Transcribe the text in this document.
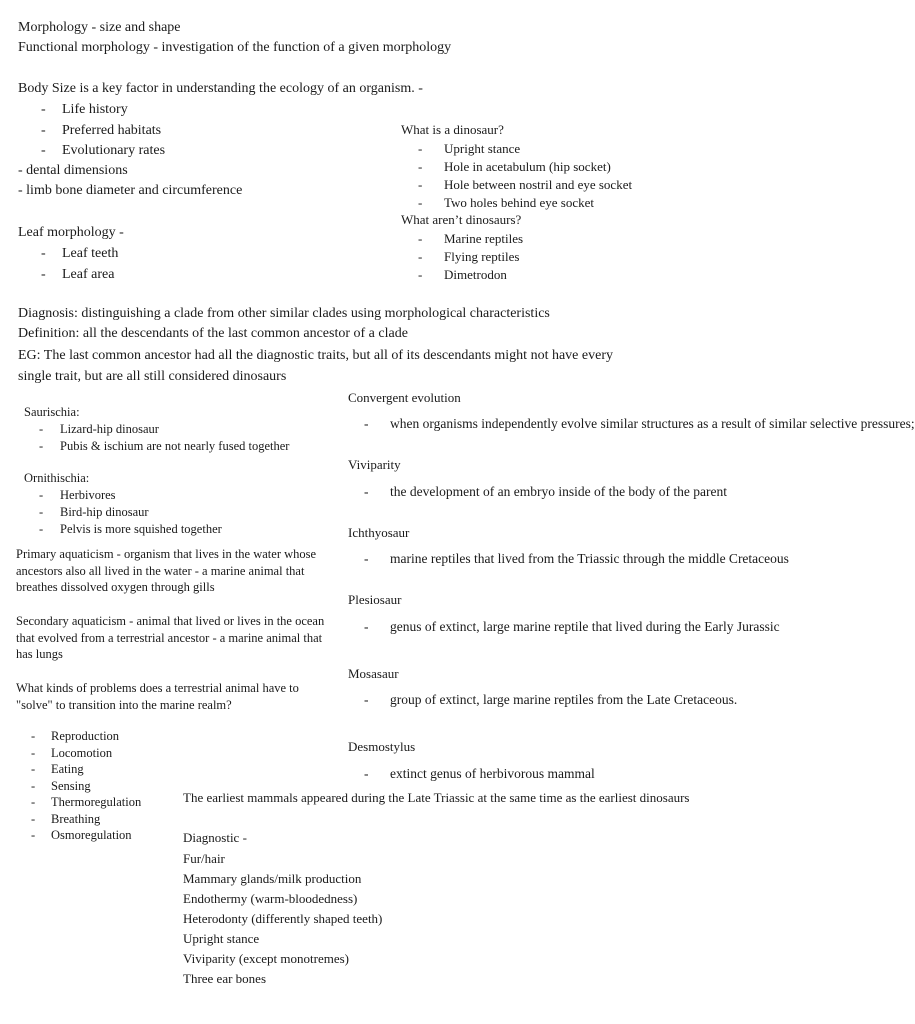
Morphology - size and shape
Functional morphology - investigation of the function of a given morphology
Body Size is a key factor in understanding the ecology of an organism. -
- Life history
- Preferred habitats
- Evolutionary rates
- dental dimensions
- limb bone diameter and circumference
Leaf morphology -
- Leaf teeth
- Leaf area
What is a dinosaur?
- Upright stance
- Hole in acetabulum (hip socket)
- Hole between nostril and eye socket
- Two holes behind eye socket
What aren’t dinosaurs?
- Marine reptiles
- Flying reptiles
- Dimetrodon
Diagnosis: distinguishing a clade from other similar clades using morphological characteristics
Definition: all the descendants of the last common ancestor of a clade
EG: The last common ancestor had all the diagnostic traits, but all of its descendants might not have every
single trait, but are all still considered dinosaurs
Saurischia:
- Lizard-hip dinosaur
- Pubis & ischium are not nearly fused together
Ornithischia:
- Herbivores
- Bird-hip dinosaur
- Pelvis is more squished together
Primary aquaticism - organism that lives in the water whose ancestors also all lived in the water - a marine animal that breathes dissolved oxygen through gills
Secondary aquaticism - animal that lived or lives in the ocean that evolved from a terrestrial ancestor - a marine animal that has lungs
What kinds of problems does a terrestrial animal have to "solve" to transition into the marine realm?
- Reproduction
- Locomotion
- Eating
- Sensing
- Thermoregulation
- Breathing
- Osmoregulation
Convergent evolution
- when organisms independently evolve similar structures as a result of similar selective pressures;
Viviparity
- the development of an embryo inside of the body of the parent
Ichthyosaur
- marine reptiles that lived from the Triassic through the middle Cretaceous
Plesiosaur
- genus of extinct, large marine reptile that lived during the Early Jurassic
Mosasaur
- group of extinct, large marine reptiles from the Late Cretaceous.
Desmostylus
- extinct genus of herbivorous mammal
The earliest mammals appeared during the Late Triassic at the same time as the earliest dinosaurs
Diagnostic -
Fur/hair
Mammary glands/milk production
Endothermy (warm-bloodedness)
Heterodonty (differently shaped teeth)
Upright stance
Viviparity (except monotremes)
Three ear bones
